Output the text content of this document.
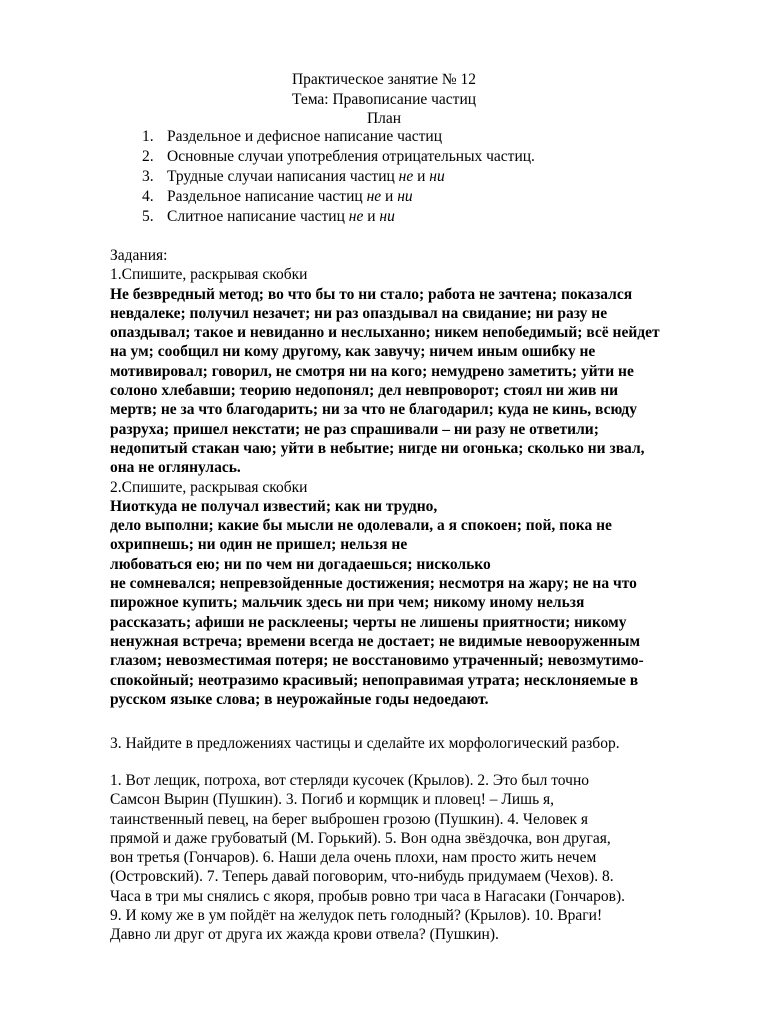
Практическое занятие № 12
Тема: Правописание частиц
План
1. Раздельное и дефисное написание частиц
2. Основные случаи употребления отрицательных частиц.
3. Трудные случаи написания частиц не и ни
4. Раздельное написание частиц не и ни
5. Слитное написание частиц не и ни
Задания:
1.Спишите, раскрывая скобки
Не безвредный метод; во что бы то ни стало; работа не зачтена; показался
невдалеке; получил незачет; ни раз опаздывал на свидание; ни разу не
опаздывал; такое и невиданно и неслыханно; никем непобедимый; всё нейдет
на ум; сообщил ни кому другому, как завучу; ничем иным ошибку не
мотивировал; говорил, не смотря ни на кого; немудрено заметить; уйти не
солоно хлебавши; теорию недопонял; дел невпроворот; стоял ни жив ни
мертв; не за что благодарить; ни за что не благодарил; куда не кинь, всюду
разруха; пришел некстати; не раз спрашивали – ни разу не ответили;
недопитый стакан чаю; уйти в небытие; нигде ни огонька; сколько ни звал,
она не оглянулась.
2.Спишите, раскрывая скобки
Ниоткуда не получал известий; как ни трудно,
дело выполни; какие бы мысли не одолевали, а я спокоен; пой, пока не
охрипнешь; ни один не пришел; нельзя не
любоваться ею; ни по чем ни догадаешься; нисколько
не сомневался; непревзойденные достижения; несмотря на жару; не на что
пирожное купить; мальчик здесь ни при чем; никому иному нельзя
рассказать; афиши не расклеены; черты не лишены приятности; никому
ненужная встреча; времени всегда не достает; не видимые невооруженным
глазом; невозместимая потеря; не восстановимо утраченный; невозмутимо-
спокойный; неотразимо красивый; непоправимая утрата; несклоняемые в
русском языке слова; в неурожайные годы недоедают.
3. Найдите в предложениях частицы и сделайте их морфологический разбор.
1. Вот лещик, потроха, вот стерляди кусочек (Крылов). 2. Это был точно
Самсон Вырин (Пушкин). 3. Погиб и кормщик и пловец! – Лишь я,
таинственный певец, на берег выброшен грозою (Пушкин). 4. Человек я
прямой и даже грубоватый (М. Горький). 5. Вон одна звёздочка, вон другая,
вон третья (Гончаров). 6. Наши дела очень плохи, нам просто жить нечем
(Островский). 7. Теперь давай поговорим, что-нибудь придумаем (Чехов). 8.
Часа в три мы снялись с якоря, пробыв ровно три часа в Нагасаки (Гончаров).
9. И кому же в ум пойдёт на желудок петь голодный? (Крылов). 10. Враги!
Давно ли друг от друга их жажда крови отвела? (Пушкин).
